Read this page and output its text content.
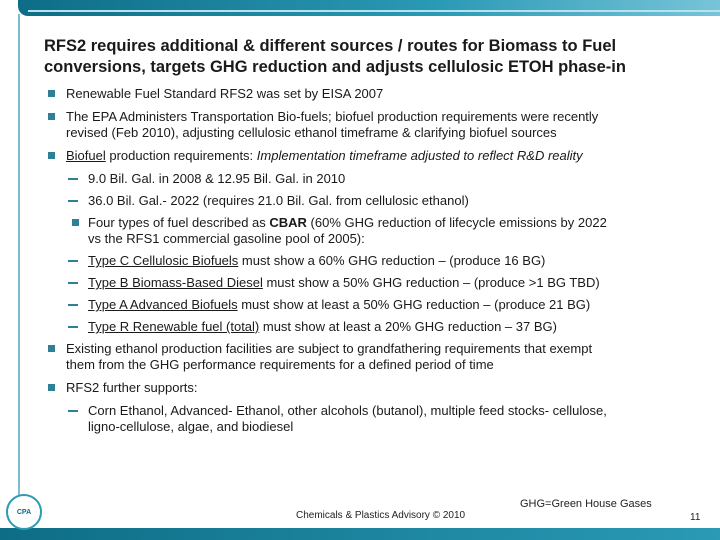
RFS2 requires additional & different sources / routes for Biomass to Fuel
conversions, targets GHG reduction and adjusts cellulosic ETOH phase-in
Renewable Fuel Standard RFS2 was set by EISA 2007
The EPA Administers Transportation Bio-fuels; biofuel production requirements were recently
revised (Feb 2010), adjusting cellulosic ethanol timeframe & clarifying biofuel sources
Biofuel production requirements: Implementation timeframe adjusted to reflect R&D reality
9.0 Bil. Gal. in 2008 & 12.95 Bil. Gal. in 2010
36.0 Bil. Gal.- 2022 (requires 21.0 Bil. Gal. from cellulosic ethanol)
Four types of fuel described as CBAR (60% GHG reduction of lifecycle emissions by 2022
vs the RFS1 commercial gasoline pool of 2005):
Type C Cellulosic Biofuels must show a 60% GHG reduction – (produce 16 BG)
Type B Biomass-Based Diesel must show a 50% GHG reduction – (produce >1 BG TBD)
Type A Advanced Biofuels must show at least a 50% GHG reduction – (produce 21 BG)
Type R Renewable fuel (total) must show at least a 20% GHG reduction – 37 BG)
Existing ethanol production facilities are subject to grandfathering requirements that exempt
them from the GHG performance requirements for a defined period of time
RFS2 further supports:
Corn Ethanol, Advanced- Ethanol, other alcohols (butanol), multiple feed stocks- cellulose,
ligno-cellulose, algae, and biodiesel
CPA	Chemicals & Plastics Advisory © 2010
GHG=Green House Gases
11
